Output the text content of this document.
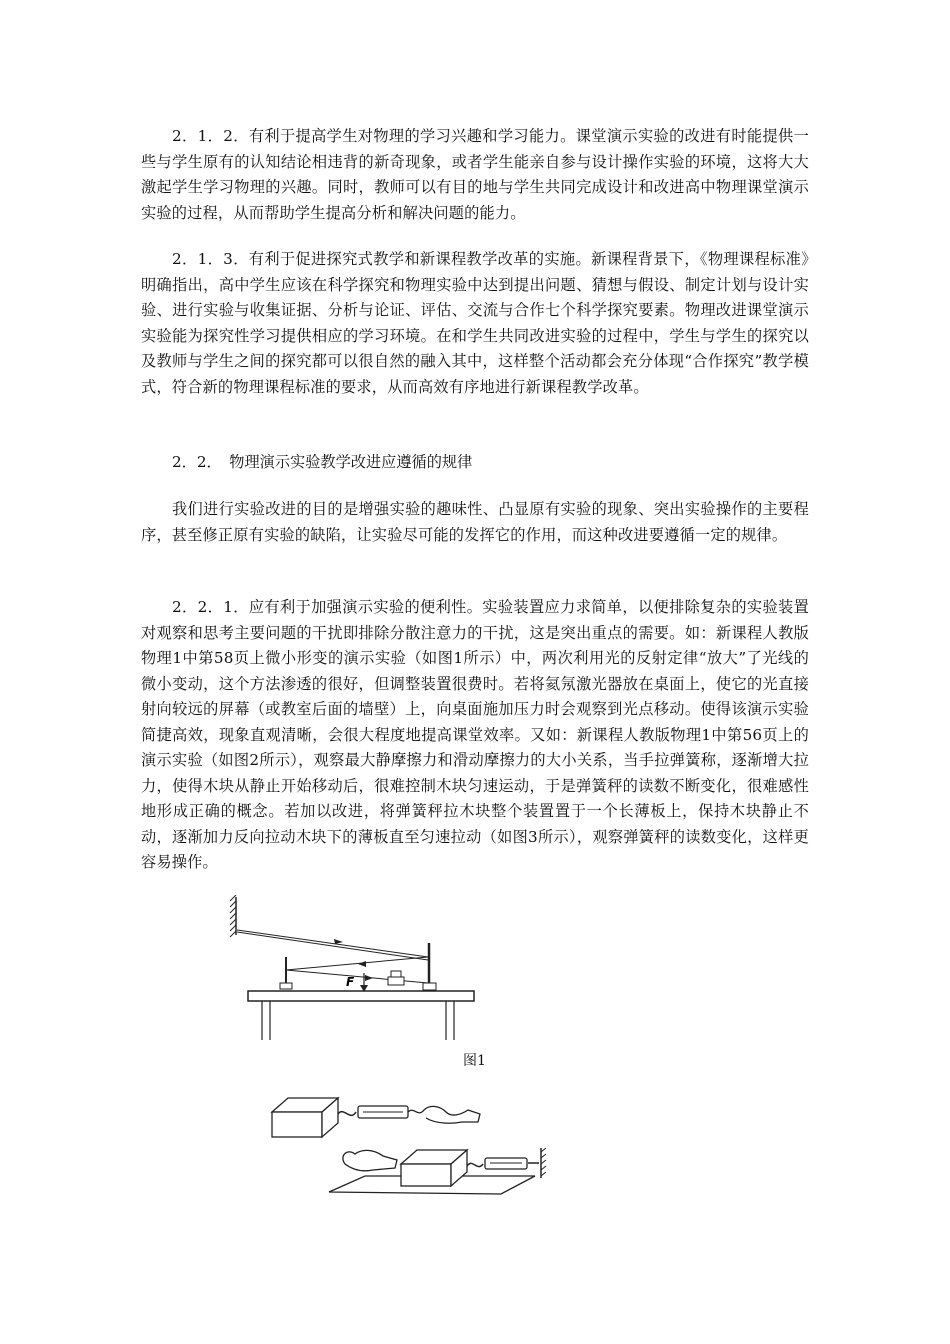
2．1．2．有利于提高学生对物理的学习兴趣和学习能力。课堂演示实验的改进有时能提供一些与学生原有的认知结论相违背的新奇现象，或者学生能亲自参与设计操作实验的环境，这将大大激起学生学习物理的兴趣。同时，教师可以有目的地与学生共同完成设计和改进高中物理课堂演示实验的过程，从而帮助学生提高分析和解决问题的能力。

2．1．3．有利于促进探究式教学和新课程教学改革的实施。新课程背景下，《物理课程标准》明确指出，高中学生应该在科学探究和物理实验中达到提出问题、猜想与假设、制定计划与设计实验、进行实验与收集证据、分析与论证、评估、交流与合作七个科学探究要素。物理改进课堂演示实验能为探究性学习提供相应的学习环境。在和学生共同改进实验的过程中，学生与学生的探究以及教师与学生之间的探究都可以很自然的融入其中，这样整个活动都会充分体现“合作探究”教学模式，符合新的物理课程标准的要求，从而高效有序地进行新课程教学改革。

2．2．　物理演示实验教学改进应遵循的规律

我们进行实验改进的目的是增强实验的趣味性、凸显原有实验的现象、突出实验操作的主要程序，甚至修正原有实验的缺陷，让实验尽可能的发挥它的作用，而这种改进要遵循一定的规律。

2．2．1．应有利于加强演示实验的便利性。实验装置应力求简单，以便排除复杂的实验装置对观察和思考主要问题的干扰即排除分散注意力的干扰，这是突出重点的需要。如：新课程人教版物理1中第58页上微小形变的演示实验（如图1所示）中，两次利用光的反射定律“放大”了光线的微小变动，这个方法渗透的很好，但调整装置很费时。若将氦氖激光器放在桌面上，使它的光直接射向较远的屏幕（或教室后面的墙壁）上，向桌面施加压力时会观察到光点移动。使得该演示实验简捷高效，现象直观清晰，会很大程度地提高课堂效率。又如：新课程人教版物理1中第56页上的演示实验（如图2所示），观察最大静摩擦力和滑动摩擦力的大小关系，当手拉弹簧称，逐渐增大拉力，使得木块从静止开始移动后，很难控制木块匀速运动，于是弹簧秤的读数不断变化，很难感性地形成正确的概念。若加以改进，将弹簧秤拉木块整个装置置于一个长薄板上，保持木块静止不动，逐渐加力反向拉动木块下的薄板直至匀速拉动（如图3所示），观察弹簧秤的读数变化，这样更容易操作。

F
图1
